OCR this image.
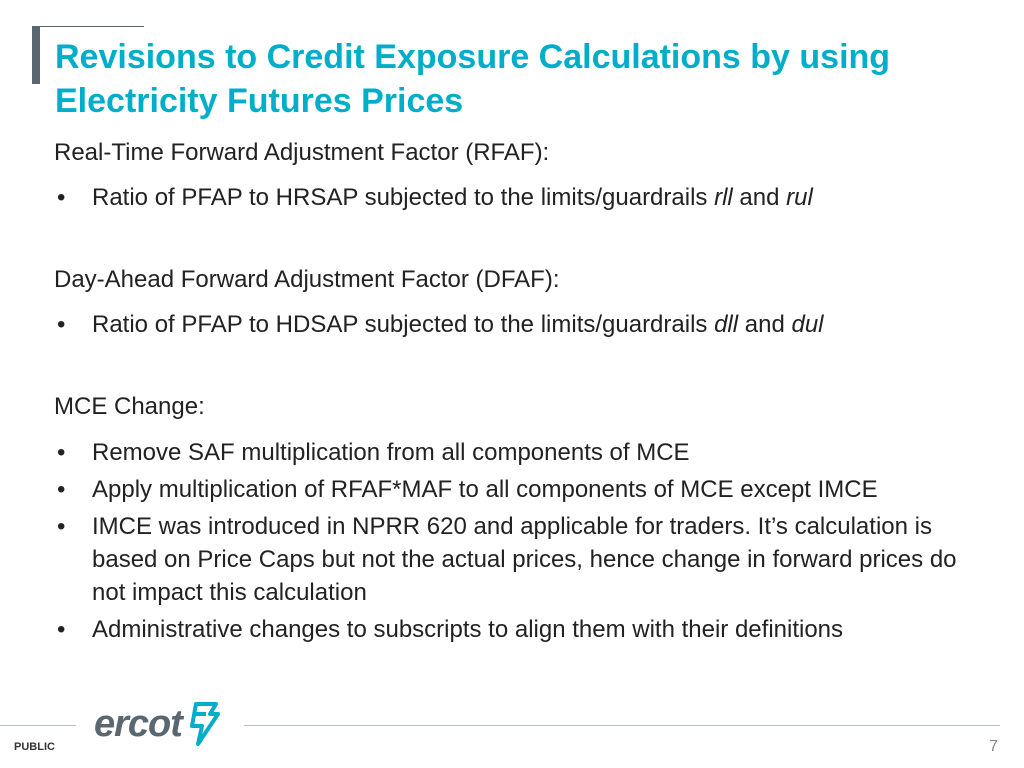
Revisions to Credit Exposure Calculations by using Electricity Futures Prices
Real-Time Forward Adjustment Factor (RFAF):
• Ratio of PFAP to HRSAP subjected to the limits/guardrails rll and rul
Day-Ahead Forward Adjustment Factor (DFAF):
• Ratio of PFAP to HDSAP subjected to the limits/guardrails dll and dul
MCE Change:
• Remove SAF multiplication from all components of MCE
• Apply multiplication of RFAF*MAF to all components of MCE except IMCE
• IMCE was introduced in NPRR 620 and applicable for traders. It’s calculation is based on Price Caps but not the actual prices, hence change in forward prices do not impact this calculation
• Administrative changes to subscripts to align them with their definitions
ercot
PUBLIC	7
